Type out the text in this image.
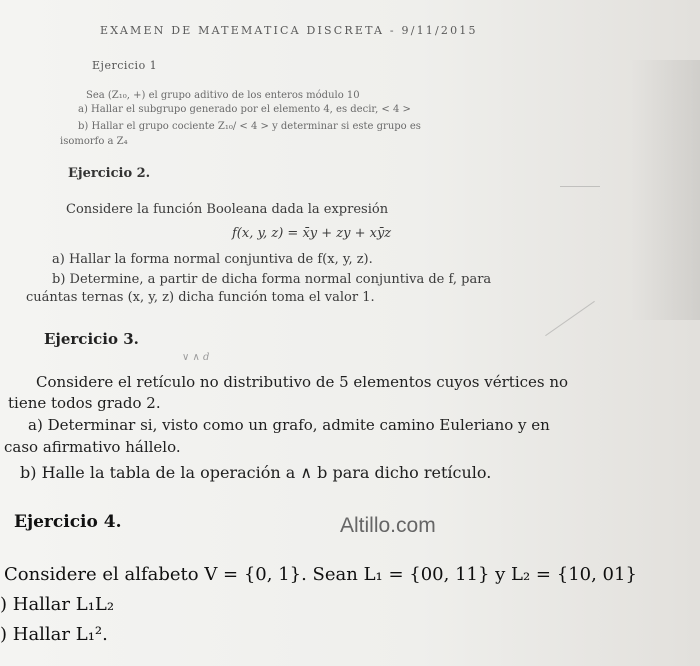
EXAMEN DE MATEMATICA DISCRETA - 9/11/2015
Ejercicio 1
Sea (Z₁₀, +) el grupo aditivo de los enteros módulo 10
a) Hallar el subgrupo generado por el elemento 4, es decir, < 4 >
b) Hallar el grupo cociente Z₁₀/ < 4 > y determinar si este grupo es
isomorfo a Z₄
Ejercicio 2.
Considere la función Booleana dada la expresión
f(x, y, z) = x̄y + zy + xȳz
a) Hallar la forma normal conjuntiva de f(x, y, z).
b) Determine, a partir de dicha forma normal conjuntiva de f, para
cuántas ternas (x, y, z) dicha función toma el valor 1.
Ejercicio 3.
∨ ∧ d
Considere el retículo no distributivo de 5 elementos cuyos vértices no
tiene todos grado 2.
a) Determinar si, visto como un grafo, admite camino Euleriano y en
caso afirmativo hállelo.
b) Halle la tabla de la operación a ∧ b para dicho retículo.
Ejercicio 4.	Altillo.com
Considere el alfabeto V = {0, 1}. Sean L₁ = {00, 11} y L₂ = {10, 01}
) Hallar L₁L₂
) Hallar L₁².
